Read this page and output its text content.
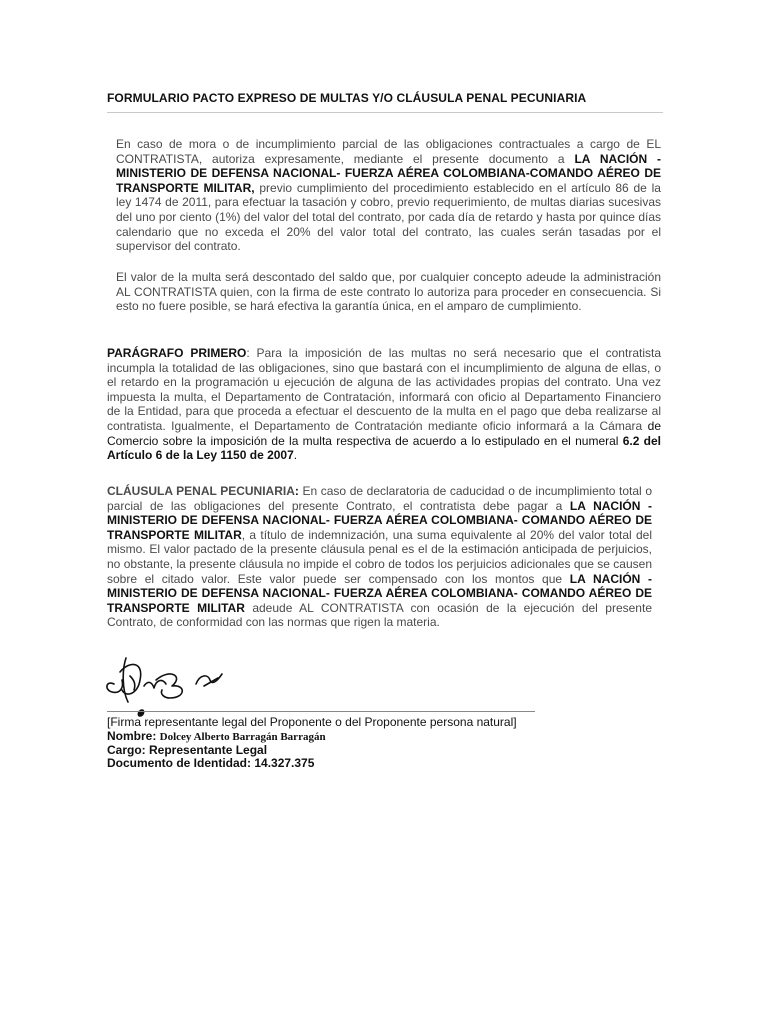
FORMULARIO PACTO EXPRESO DE MULTAS Y/O CLÁUSULA PENAL PECUNIARIA
En caso de mora o de incumplimiento parcial de las obligaciones contractuales a cargo de EL CONTRATISTA, autoriza expresamente, mediante el presente documento a LA NACIÓN - MINISTERIO DE DEFENSA NACIONAL- FUERZA AÉREA COLOMBIANA-COMANDO AÉREO DE TRANSPORTE MILITAR, previo cumplimiento del procedimiento establecido en el artículo 86 de la ley 1474 de 2011, para efectuar la tasación y cobro, previo requerimiento, de multas diarias sucesivas del uno por ciento (1%) del valor del total del contrato, por cada día de retardo y hasta por quince días calendario que no exceda el 20% del valor total del contrato, las cuales serán tasadas por el supervisor del contrato.
El valor de la multa será descontado del saldo que, por cualquier concepto adeude la administración AL CONTRATISTA quien, con la firma de este contrato lo autoriza para proceder en consecuencia. Si esto no fuere posible, se hará efectiva la garantía única, en el amparo de cumplimiento.
PARÁGRAFO PRIMERO: Para la imposición de las multas no será necesario que el contratista incumpla la totalidad de las obligaciones, sino que bastará con el incumplimiento de alguna de ellas, o el retardo en la programación u ejecución de alguna de las actividades propias del contrato. Una vez impuesta la multa, el Departamento de Contratación, informará con oficio al Departamento Financiero de la Entidad, para que proceda a efectuar el descuento de la multa en el pago que deba realizarse al contratista. Igualmente, el Departamento de Contratación mediante oficio informará a la Cámara de Comercio sobre la imposición de la multa respectiva de acuerdo a lo estipulado en el numeral 6.2 del Artículo 6 de la Ley 1150 de 2007.
CLÁUSULA PENAL PECUNIARIA: En caso de declaratoria de caducidad o de incumplimiento total o parcial de las obligaciones del presente Contrato, el contratista debe pagar a LA NACIÓN - MINISTERIO DE DEFENSA NACIONAL- FUERZA AÉREA COLOMBIANA- COMANDO AÉREO DE TRANSPORTE MILITAR, a título de indemnización, una suma equivalente al 20% del valor total del mismo. El valor pactado de la presente cláusula penal es el de la estimación anticipada de perjuicios, no obstante, la presente cláusula no impide el cobro de todos los perjuicios adicionales que se causen sobre el citado valor. Este valor puede ser compensado con los montos que LA NACIÓN -MINISTERIO DE DEFENSA NACIONAL- FUERZA AÉREA COLOMBIANA- COMANDO AÉREO DE TRANSPORTE MILITAR adeude AL CONTRATISTA con ocasión de la ejecución del presente Contrato, de conformidad con las normas que rigen la materia.
[Firma representante legal del Proponente o del Proponente persona natural]
Nombre: Dolcey Alberto Barragán Barragán
Cargo: Representante Legal
Documento de Identidad: 14.327.375
